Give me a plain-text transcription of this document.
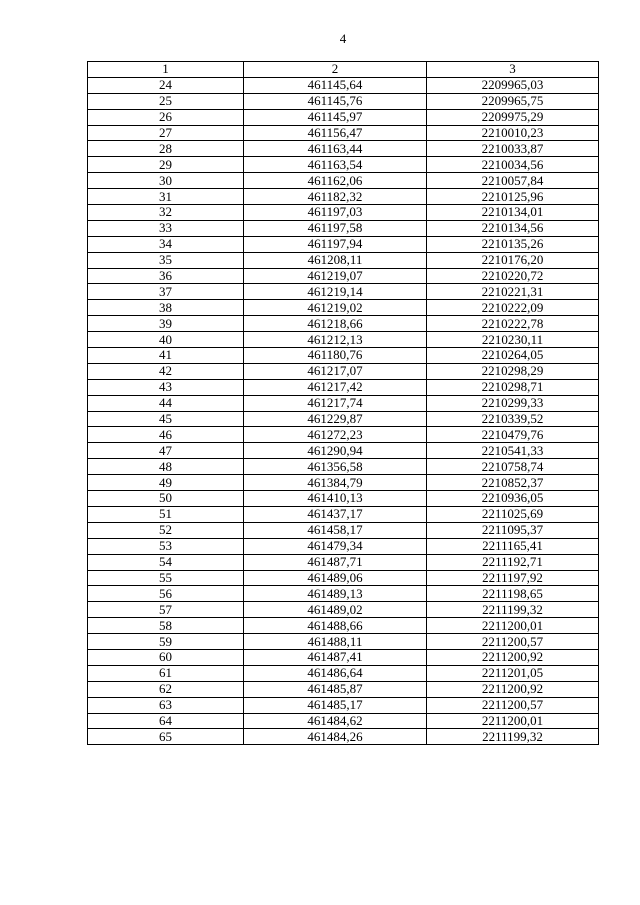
4
1	2	3
24	461145,64	2209965,03
25	461145,76	2209965,75
26	461145,97	2209975,29
27	461156,47	2210010,23
28	461163,44	2210033,87
29	461163,54	2210034,56
30	461162,06	2210057,84
31	461182,32	2210125,96
32	461197,03	2210134,01
33	461197,58	2210134,56
34	461197,94	2210135,26
35	461208,11	2210176,20
36	461219,07	2210220,72
37	461219,14	2210221,31
38	461219,02	2210222,09
39	461218,66	2210222,78
40	461212,13	2210230,11
41	461180,76	2210264,05
42	461217,07	2210298,29
43	461217,42	2210298,71
44	461217,74	2210299,33
45	461229,87	2210339,52
46	461272,23	2210479,76
47	461290,94	2210541,33
48	461356,58	2210758,74
49	461384,79	2210852,37
50	461410,13	2210936,05
51	461437,17	2211025,69
52	461458,17	2211095,37
53	461479,34	2211165,41
54	461487,71	2211192,71
55	461489,06	2211197,92
56	461489,13	2211198,65
57	461489,02	2211199,32
58	461488,66	2211200,01
59	461488,11	2211200,57
60	461487,41	2211200,92
61	461486,64	2211201,05
62	461485,87	2211200,92
63	461485,17	2211200,57
64	461484,62	2211200,01
65	461484,26	2211199,32
